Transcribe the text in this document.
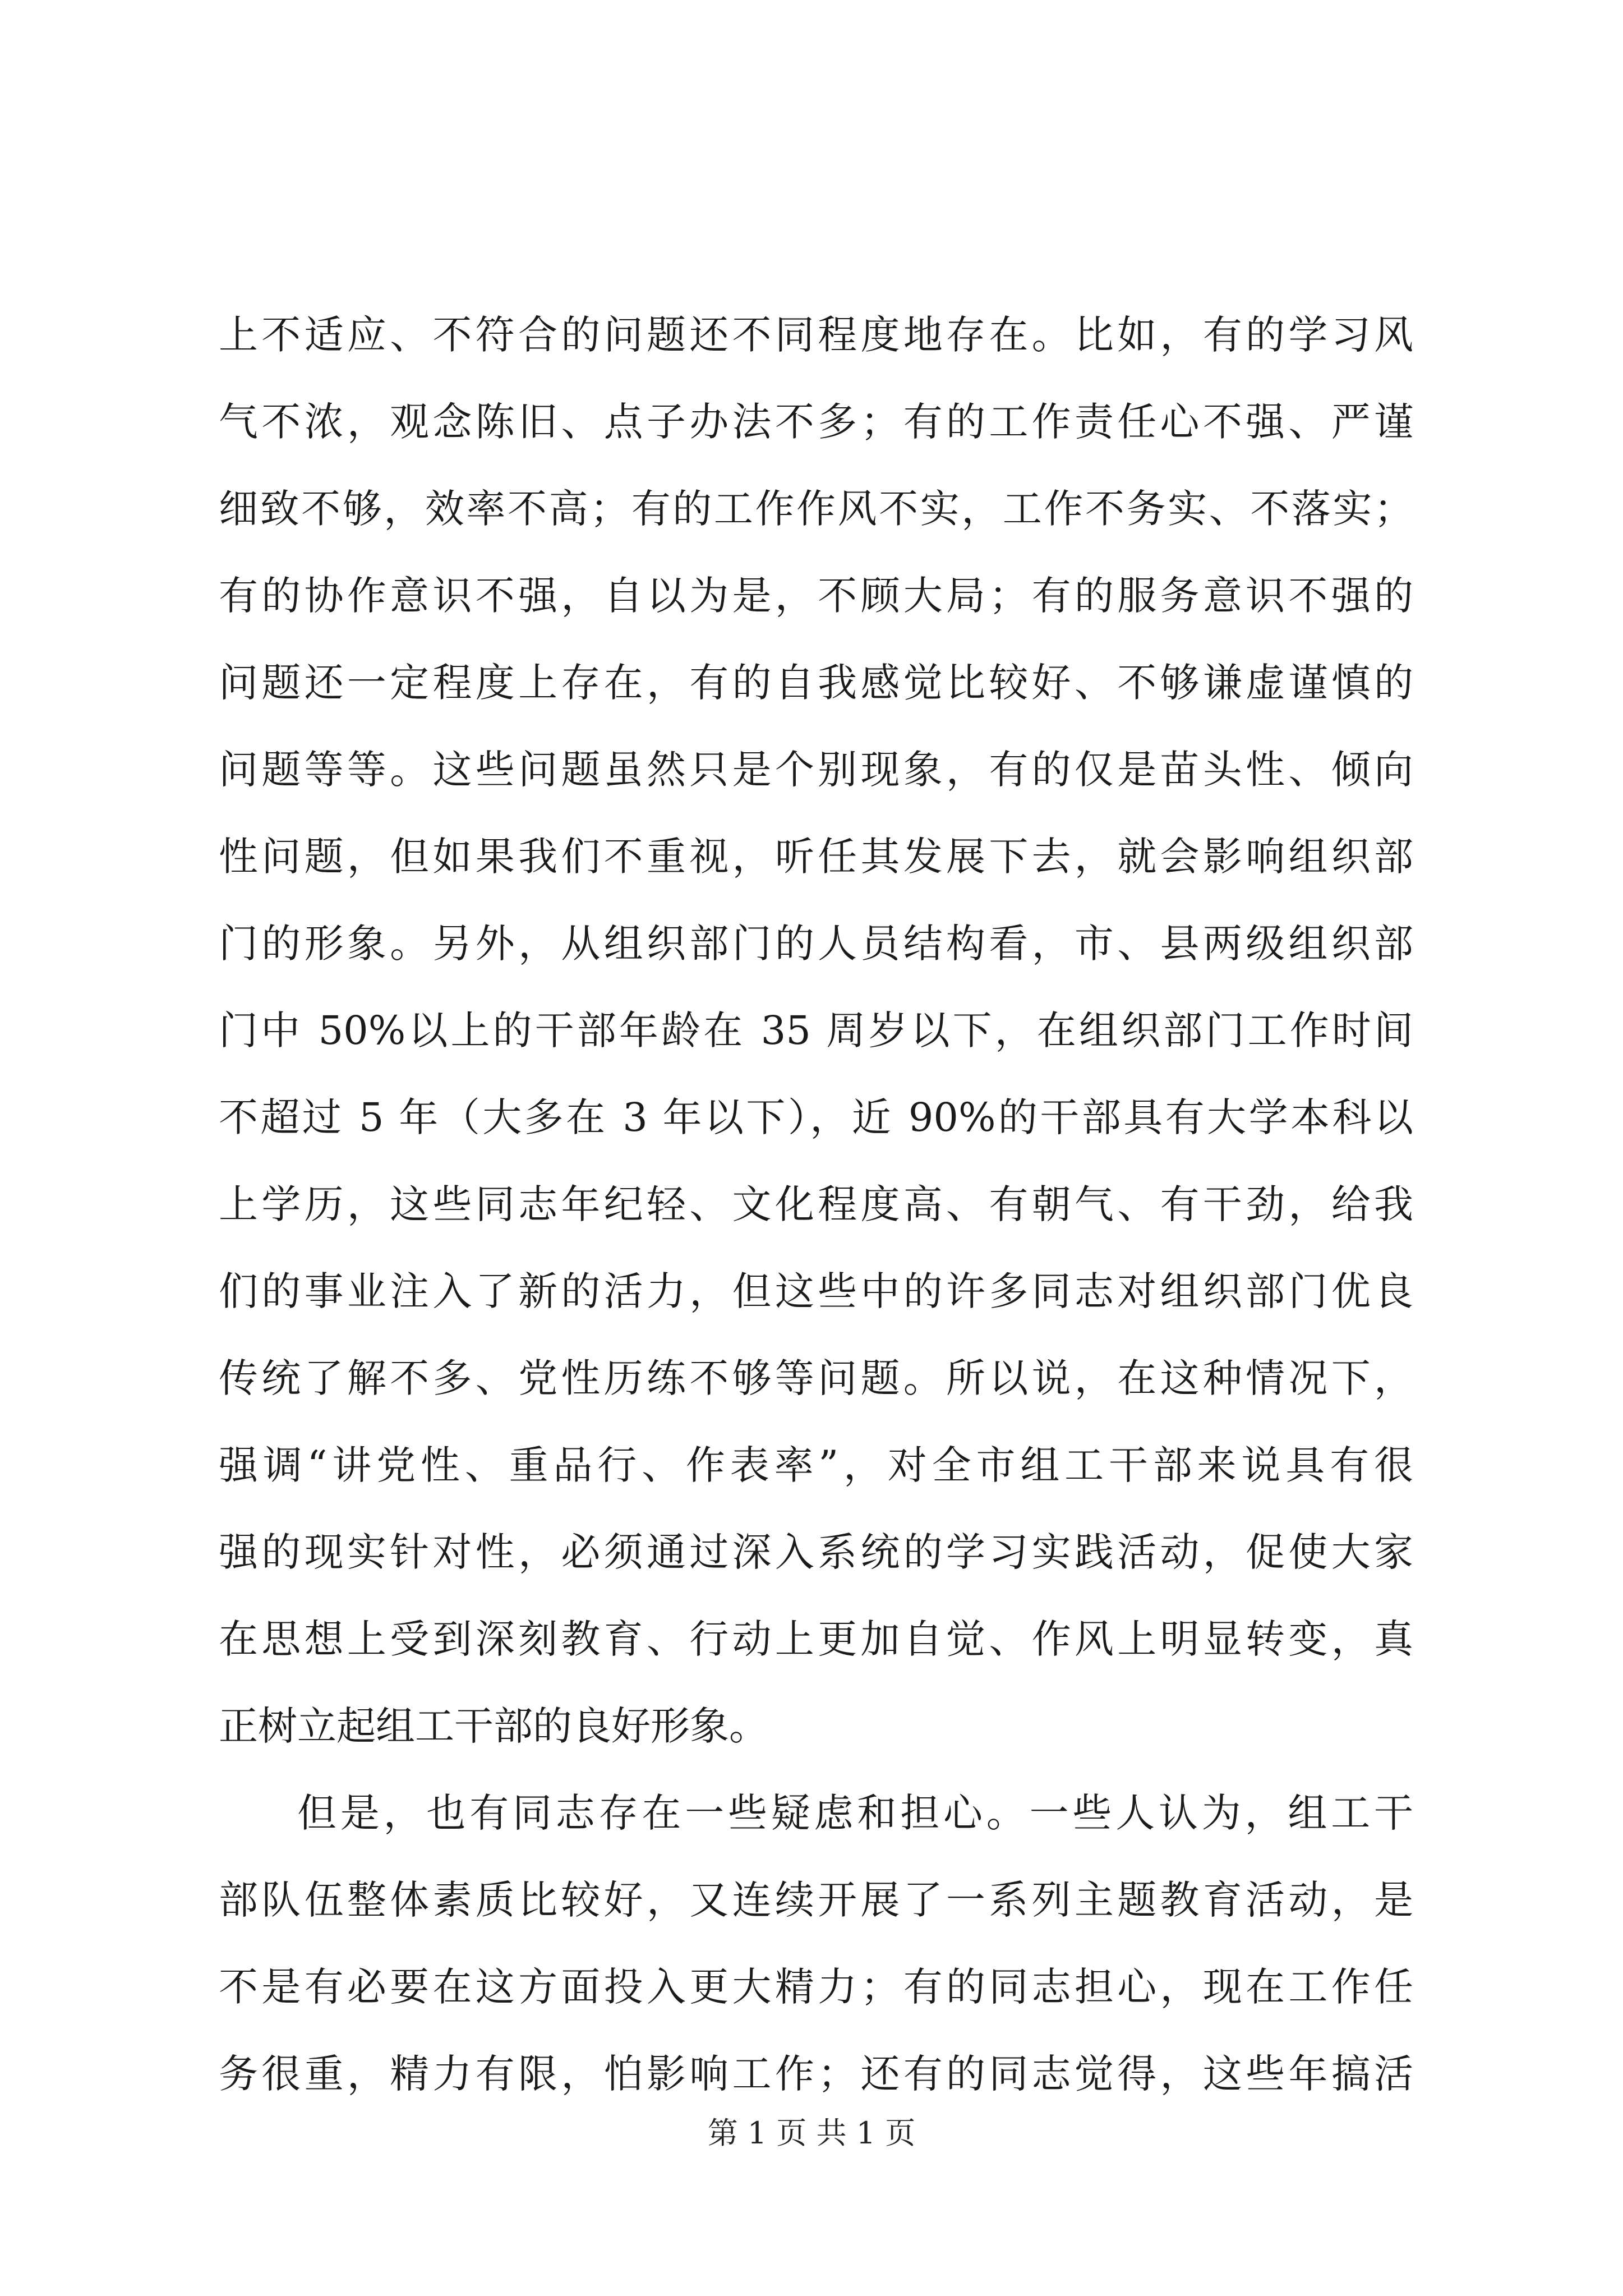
上不适应、不符合的问题还不同程度地存在。比如，有的学习风
气不浓，观念陈旧、点子办法不多；有的工作责任心不强、严谨
细致不够，效率不高；有的工作作风不实，工作不务实、不落实；
有的协作意识不强，自以为是，不顾大局；有的服务意识不强的
问题还一定程度上存在，有的自我感觉比较好、不够谦虚谨慎的
问题等等。这些问题虽然只是个别现象，有的仅是苗头性、倾向
性问题，但如果我们不重视，听任其发展下去，就会影响组织部
门的形象。另外，从组织部门的人员结构看，市、县两级组织部
门中 50%以上的干部年龄在 35 周岁以下，在组织部门工作时间
不超过 5 年（大多在 3 年以下），近 90%的干部具有大学本科以
上学历，这些同志年纪轻、文化程度高、有朝气、有干劲，给我
们的事业注入了新的活力，但这些中的许多同志对组织部门优良
传统了解不多、党性历练不够等问题。所以说，在这种情况下，
强调“讲党性、重品行、作表率”，对全市组工干部来说具有很
强的现实针对性，必须通过深入系统的学习实践活动，促使大家
在思想上受到深刻教育、行动上更加自觉、作风上明显转变，真
正树立起组工干部的良好形象。
但是，也有同志存在一些疑虑和担心。一些人认为，组工干
部队伍整体素质比较好，又连续开展了一系列主题教育活动，是
不是有必要在这方面投入更大精力；有的同志担心，现在工作任
务很重，精力有限，怕影响工作；还有的同志觉得，这些年搞活
第 1 页 共 1 页
